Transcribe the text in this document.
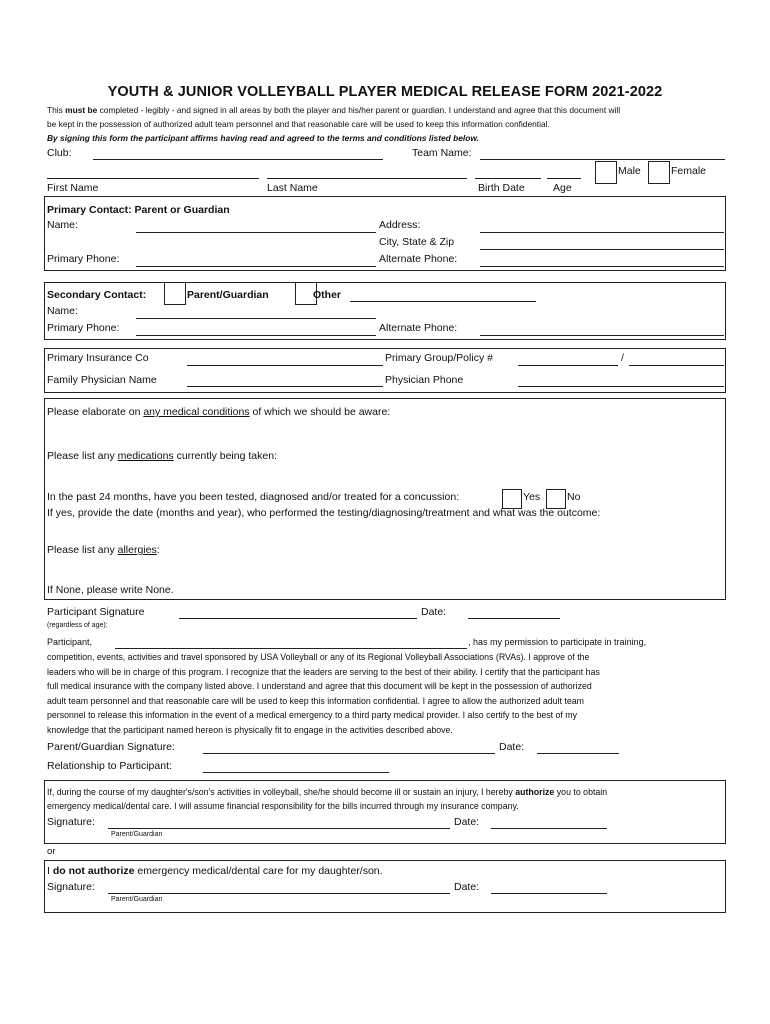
YOUTH & JUNIOR VOLLEYBALL PLAYER MEDICAL RELEASE FORM 2021-2022
This must be completed - legibly - and signed in all areas by both the player and his/her parent or guardian. I understand and agree that this document will
be kept in the possession of authorized adult team personnel and that reasonable care will be used to keep this information confidential.
By signing this form the participant affirms having read and agreed to the terms and conditions listed below.
Club:	Team Name:
Male	Female
First Name	Last Name	Birth Date	Age
Primary Contact: Parent or Guardian
Name:	Address:
City, State & Zip
Primary Phone:	Alternate Phone:
Secondary Contact:	Parent/Guardian	Other
Name:
Primary Phone:	Alternate Phone:
Primary Insurance Co	Primary Group/Policy #	/
Family Physician Name	Physician Phone
Please elaborate on any medical conditions of which we should be aware:
Please list any medications currently being taken:
In the past 24 months, have you been tested, diagnosed and/or treated for a concussion:	Yes	No
If yes, provide the date (months and year), who performed the testing/diagnosing/treatment and what was the outcome:
Please list any allergies:
If None, please write None.
Participant Signature	Date:
(regardless of age):
Participant,	, has my permission to participate in training,
competition, events, activities and travel sponsored by USA Volleyball or any of its Regional Volleyball Associations (RVAs). I approve of the
leaders who will be in charge of this program. I recognize that the leaders are serving to the best of their ability. I certify that the participant has
full medical insurance with the company listed above. I understand and agree that this document will be kept in the possession of authorized
adult team personnel and that reasonable care will be used to keep this information confidential. I agree to allow the authorized adult team
personnel to release this information in the event of a medical emergency to a third party medical provider. I also certify to the best of my
knowledge that the participant named hereon is physically fit to engage in the activities described above.
Parent/Guardian Signature:	Date:
Relationship to Participant:
If, during the course of my daughter's/son's activities in volleyball, she/he should become ill or sustain an injury, I hereby authorize you to obtain
emergency medical/dental care. I will assume financial responsibility for the bills incurred through my insurance company.
Signature:	Date:
Parent/Guardian
or
I do not authorize emergency medical/dental care for my daughter/son.
Signature:	Date:
Parent/Guardian
